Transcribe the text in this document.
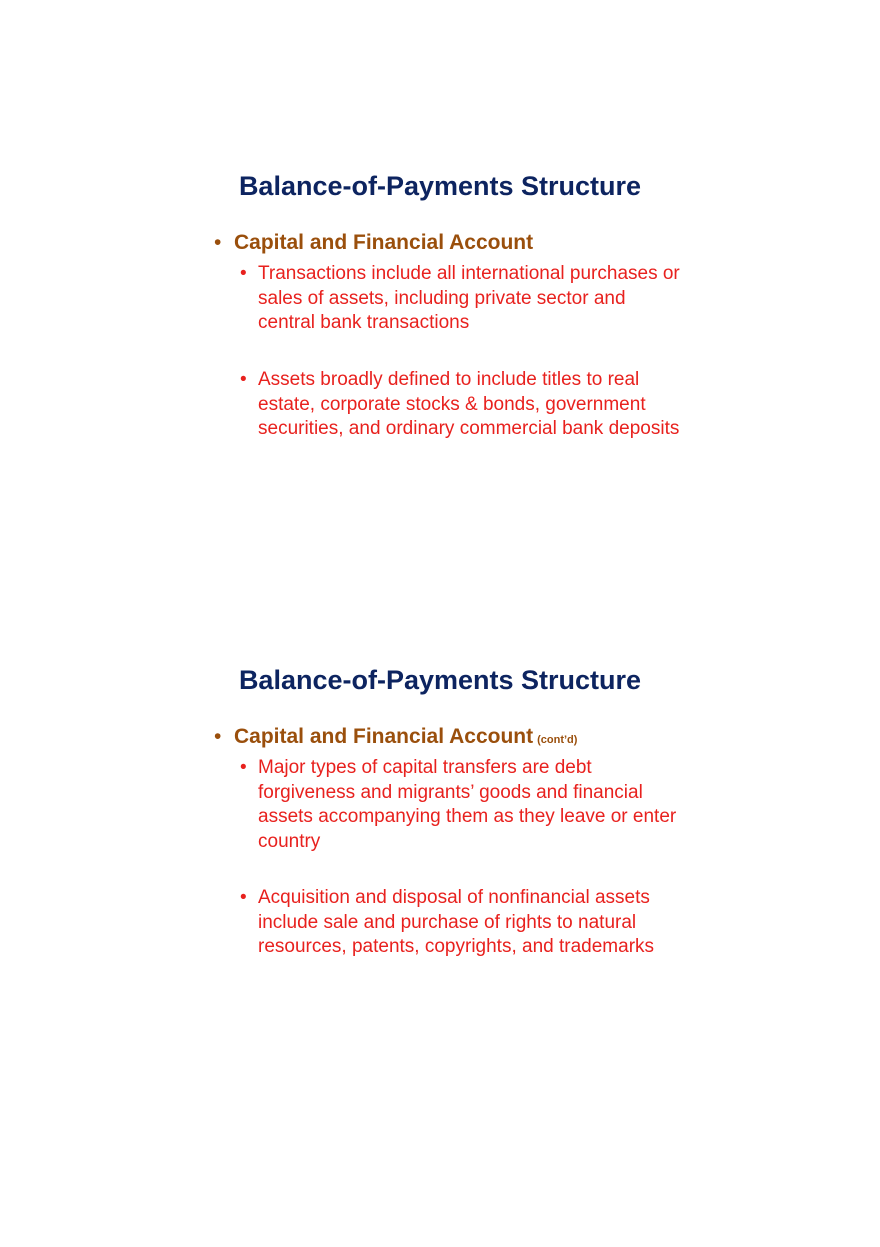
Balance-of-Payments Structure
• Capital and Financial Account
• Transactions include all international purchases or sales of assets, including private sector and central bank transactions
• Assets broadly defined to include titles to real estate, corporate stocks & bonds, government securities, and ordinary commercial bank deposits
Balance-of-Payments Structure
• Capital and Financial Account (cont’d)
• Major types of capital transfers are debt forgiveness and migrants’ goods and financial assets accompanying them as they leave or enter country
• Acquisition and disposal of nonfinancial assets include sale and purchase of rights to natural resources, patents, copyrights, and trademarks
